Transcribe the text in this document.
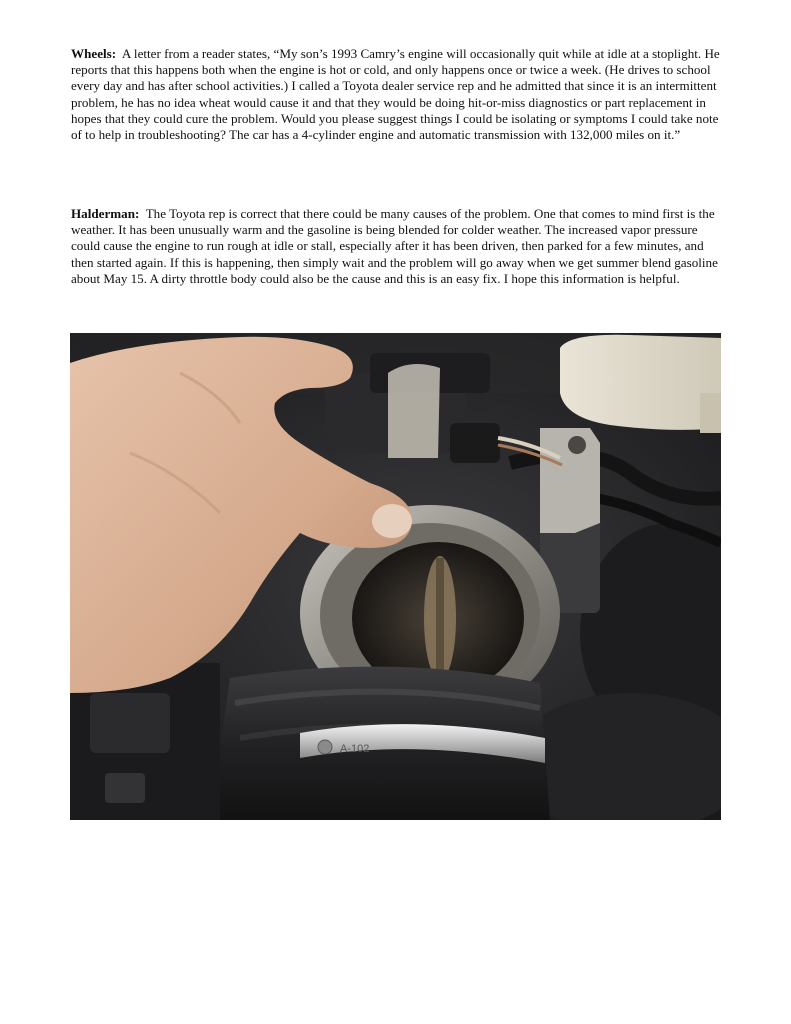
Wheels: A letter from a reader states, “My son’s 1993 Camry’s engine will occasionally quit while at idle at a stoplight. He reports that this happens both when the engine is hot or cold, and only happens once or twice a week. (He drives to school every day and has after school activities.) I called a Toyota dealer service rep and he admitted that since it is an intermittent problem, he has no idea wheat would cause it and that they would be doing hit-or-miss diagnostics or part replacement in hopes that they could cure the problem. Would you please suggest things I could be isolating or symptoms I could take note of to help in troubleshooting? The car has a 4-cylinder engine and automatic transmission with 132,000 miles on it.”

Halderman: The Toyota rep is correct that there could be many causes of the problem. One that comes to mind first is the weather. It has been unusually warm and the gasoline is being blended for colder weather. The increased vapor pressure could cause the engine to run rough at idle or stall, especially after it has been driven, then parked for a few minutes, and then started again. If this is happening, then simply wait and the problem will go away when we get summer blend gasoline about May 15. A dirty throttle body could also be the cause and this is an easy fix. I hope this information is helpful.

A-102
